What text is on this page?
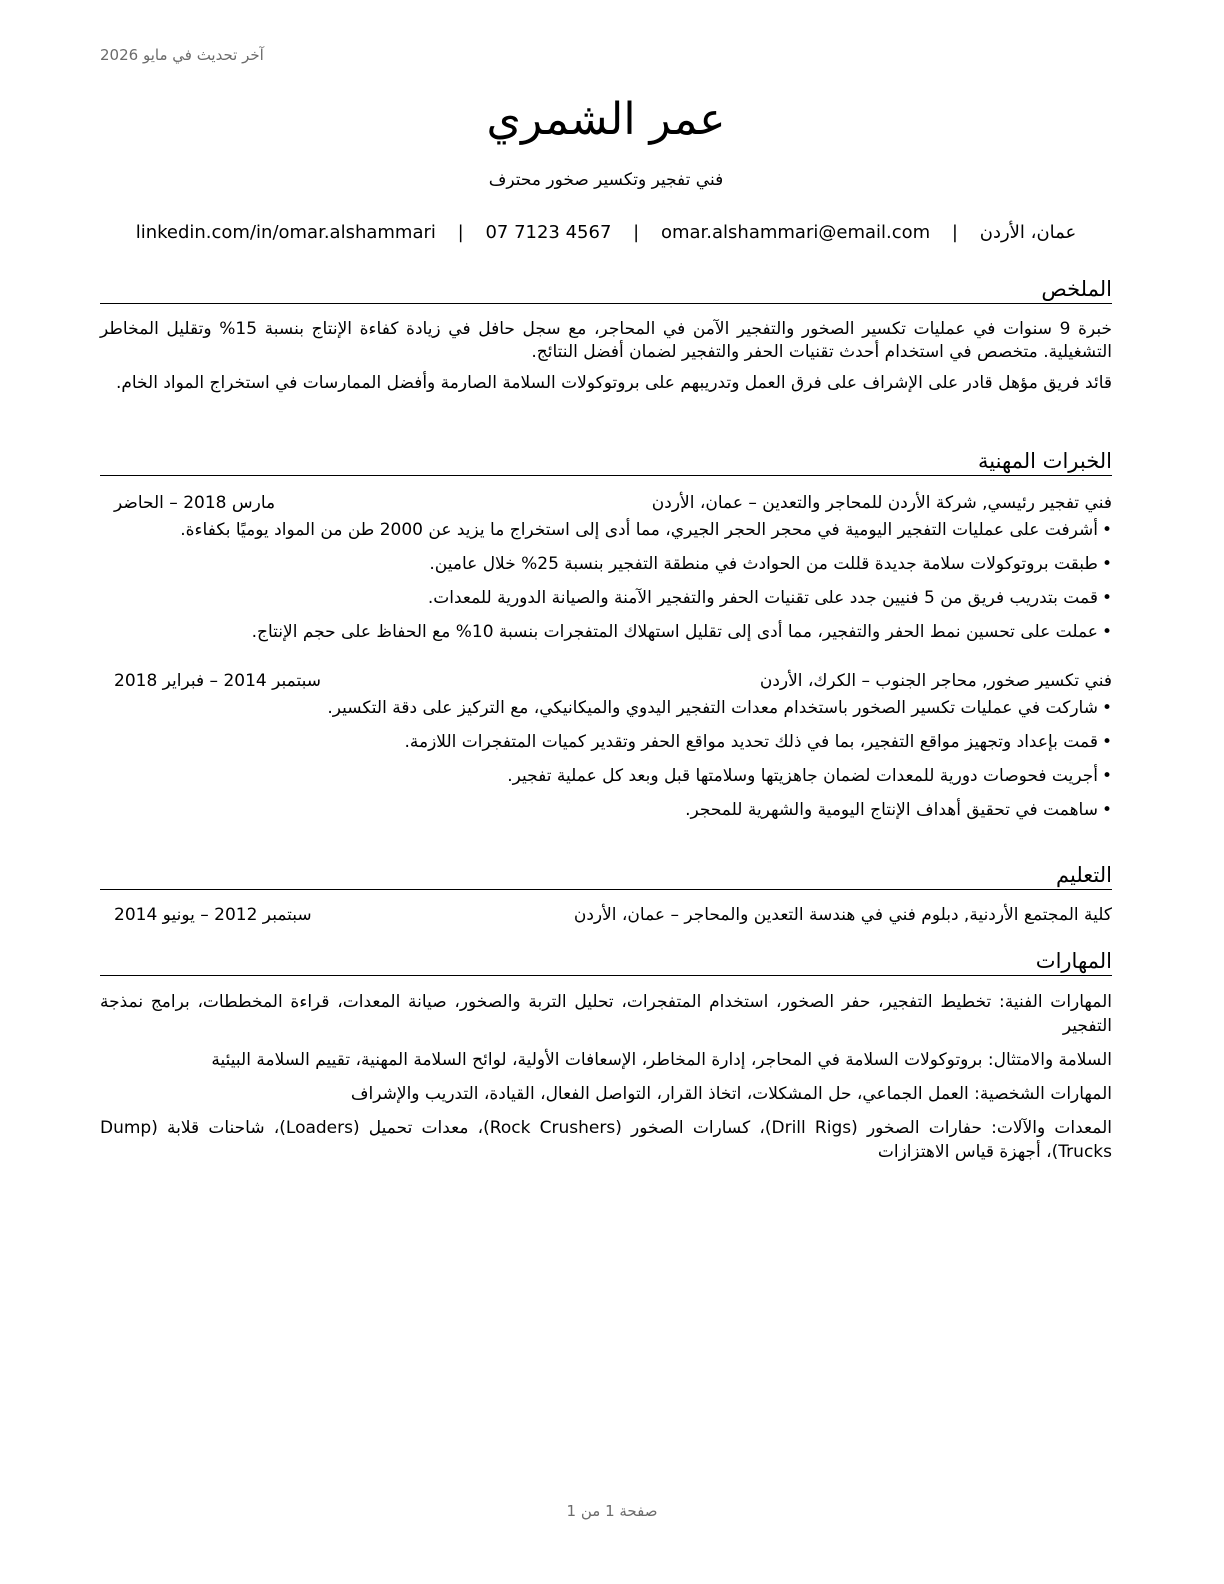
آخر تحديث في مايو 2026
عمر الشمري
فني تفجير وتكسير صخور محترف
عمان، الأردن | omar.alshammari@email.com | 07 7123 4567 | linkedin.com/in/omar.alshammari
الملخص

خبرة 9 سنوات في عمليات تكسير الصخور والتفجير الآمن في المحاجر، مع سجل حافل في زيادة كفاءة الإنتاج بنسبة 15% وتقليل المخاطر التشغيلية. متخصص في استخدام أحدث تقنيات الحفر والتفجير لضمان أفضل النتائج.

قائد فريق مؤهل قادر على الإشراف على فرق العمل وتدريبهم على بروتوكولات السلامة الصارمة وأفضل الممارسات في استخراج المواد الخام.

الخبرات المهنية
فني تفجير رئيسي, شركة الأردن للمحاجر والتعدين – عمان، الأردن
مارس 2018 – الحاضر
•أشرفت على عمليات التفجير اليومية في محجر الحجر الجيري، مما أدى إلى استخراج ما يزيد عن 2000 طن من المواد يوميًا بكفاءة.
•طبقت بروتوكولات سلامة جديدة قللت من الحوادث في منطقة التفجير بنسبة 25% خلال عامين.
•قمت بتدريب فريق من 5 فنيين جدد على تقنيات الحفر والتفجير الآمنة والصيانة الدورية للمعدات.
•عملت على تحسين نمط الحفر والتفجير، مما أدى إلى تقليل استهلاك المتفجرات بنسبة 10% مع الحفاظ على حجم الإنتاج.
فني تكسير صخور, محاجر الجنوب – الكرك، الأردن
سبتمبر 2014 – فبراير 2018
•شاركت في عمليات تكسير الصخور باستخدام معدات التفجير اليدوي والميكانيكي، مع التركيز على دقة التكسير.
•قمت بإعداد وتجهيز مواقع التفجير، بما في ذلك تحديد مواقع الحفر وتقدير كميات المتفجرات اللازمة.
•أجريت فحوصات دورية للمعدات لضمان جاهزيتها وسلامتها قبل وبعد كل عملية تفجير.
•ساهمت في تحقيق أهداف الإنتاج اليومية والشهرية للمحجر.
التعليم
كلية المجتمع الأردنية, دبلوم فني في هندسة التعدين والمحاجر – عمان، الأردن
سبتمبر 2012 – يونيو 2014
المهارات
المهارات الفنية: تخطيط التفجير، حفر الصخور، استخدام المتفجرات، تحليل التربة والصخور، صيانة المعدات، قراءة المخططات، برامج نمذجة التفجير
السلامة والامتثال: بروتوكولات السلامة في المحاجر، إدارة المخاطر، الإسعافات الأولية، لوائح السلامة المهنية، تقييم السلامة البيئية
المهارات الشخصية: العمل الجماعي، حل المشكلات، اتخاذ القرار، التواصل الفعال، القيادة، التدريب والإشراف
المعدات والآلات: حفارات الصخور (Drill Rigs)، كسارات الصخور (Rock Crushers)، معدات تحميل (Loaders)، شاحنات قلابة (Dump Trucks)، أجهزة قياس الاهتزازات
صفحة 1 من 1
